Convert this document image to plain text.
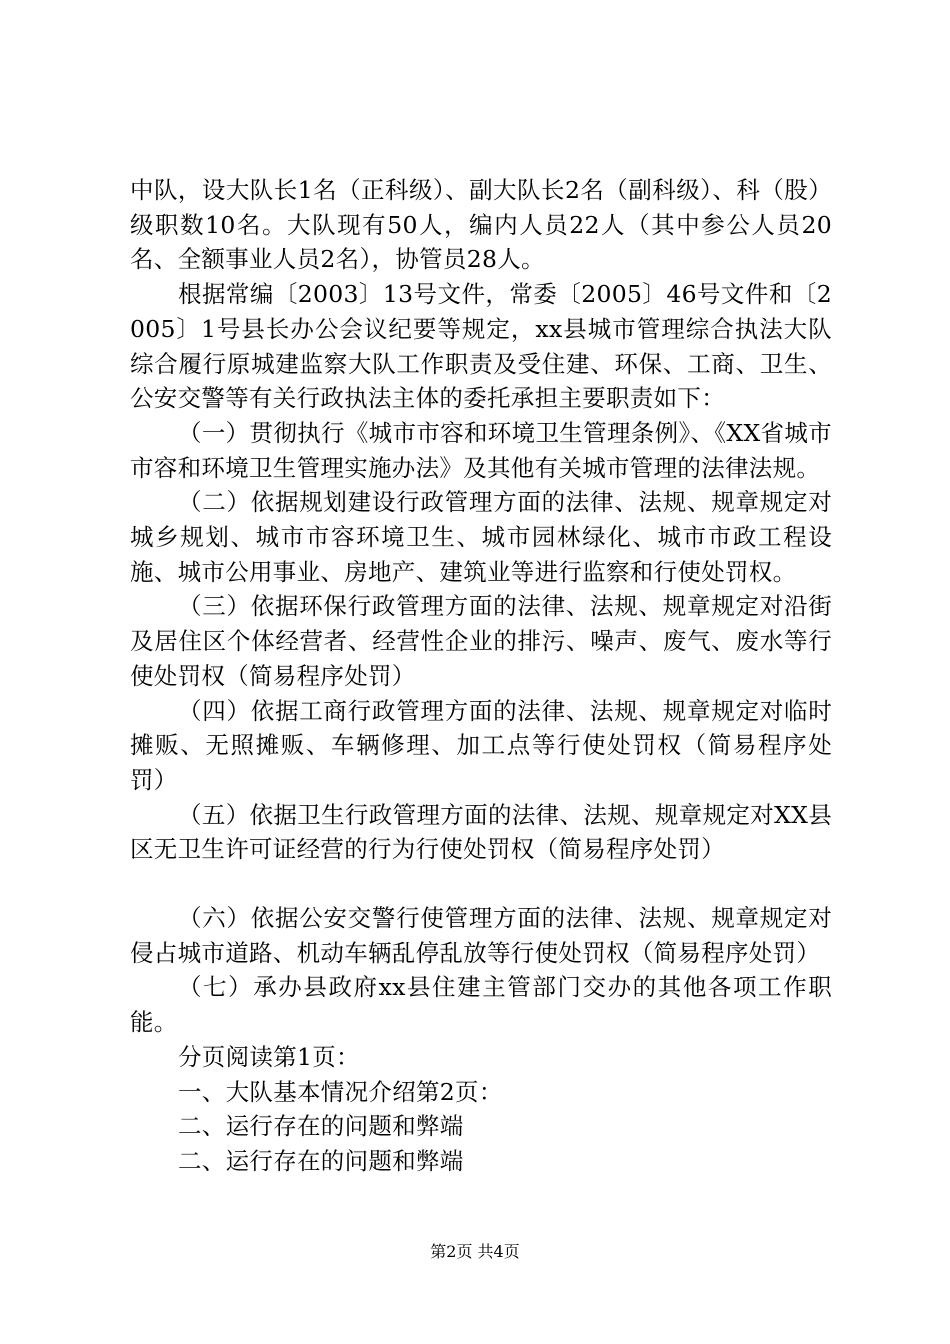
中队，设大队长1名（正科级）、副大队长2名（副科级）、科（股）级职数10名。大队现有50人，编内人员22人（其中参公人员20名、全额事业人员2名），协管员28人。

根据常编〔2003〕13号文件，常委〔2005〕46号文件和〔2005〕1号县长办公会议纪要等规定，xx县城市管理综合执法大队综合履行原城建监察大队工作职责及受住建、环保、工商、卫生、公安交警等有关行政执法主体的委托承担主要职责如下：

（一）贯彻执行《城市市容和环境卫生管理条例》、《XX省城市市容和环境卫生管理实施办法》及其他有关城市管理的法律法规。

（二）依据规划建设行政管理方面的法律、法规、规章规定对城乡规划、城市市容环境卫生、城市园林绿化、城市市政工程设施、城市公用事业、房地产、建筑业等进行监察和行使处罚权。

（三）依据环保行政管理方面的法律、法规、规章规定对沿街及居住区个体经营者、经营性企业的排污、噪声、废气、废水等行使处罚权（简易程序处罚）

（四）依据工商行政管理方面的法律、法规、规章规定对临时摊贩、无照摊贩、车辆修理、加工点等行使处罚权（简易程序处罚）

（五）依据卫生行政管理方面的法律、法规、规章规定对XX县区无卫生许可证经营的行为行使处罚权（简易程序处罚）

（六）依据公安交警行使管理方面的法律、法规、规章规定对侵占城市道路、机动车辆乱停乱放等行使处罚权（简易程序处罚）

（七）承办县政府xx县住建主管部门交办的其他各项工作职能。

分页阅读第1页：

一、大队基本情况介绍第2页：

二、运行存在的问题和弊端

二、运行存在的问题和弊端

第2页 共4页
